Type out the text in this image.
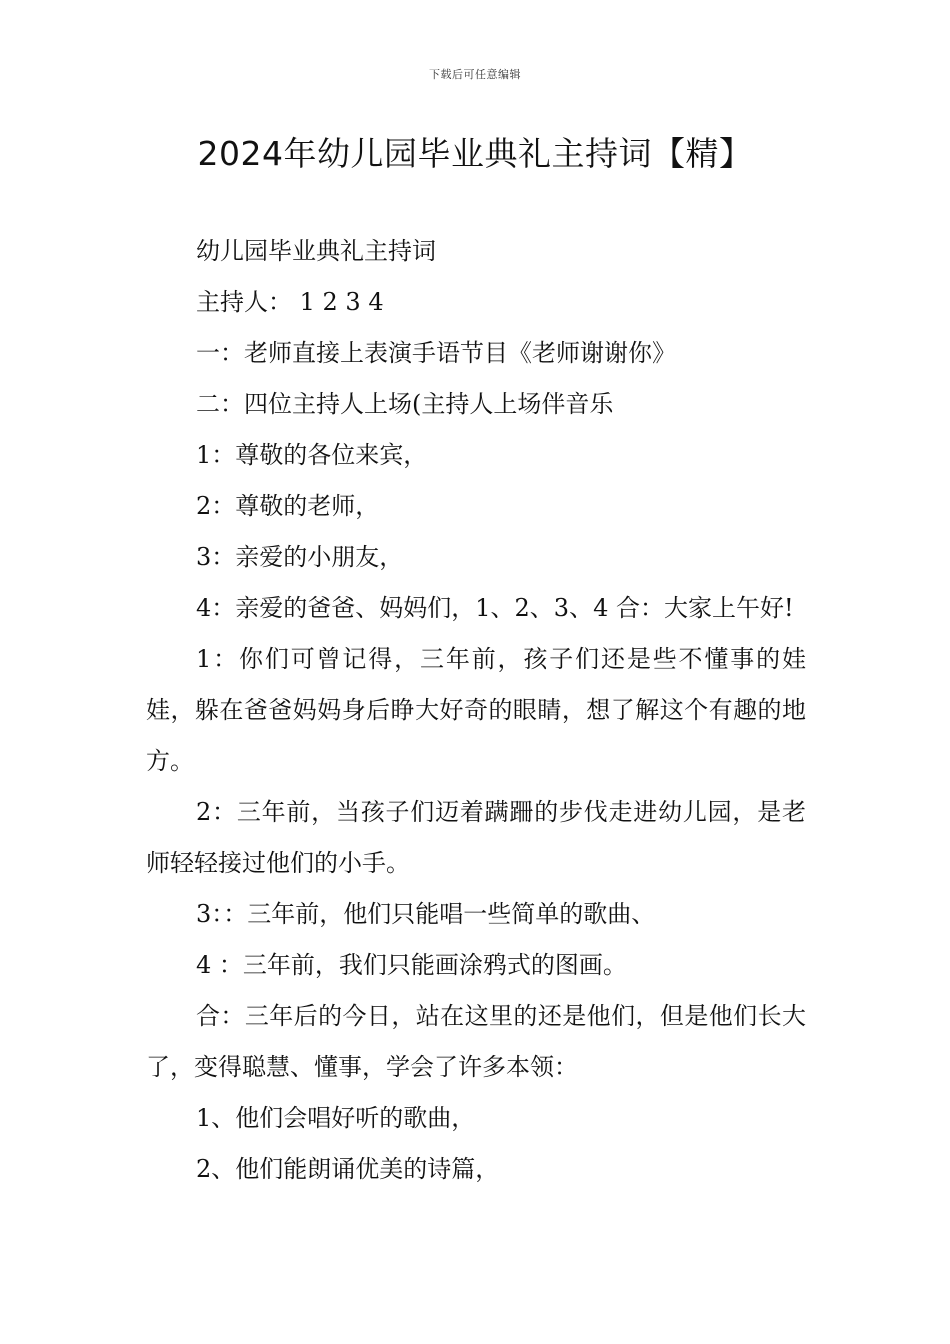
下载后可任意编辑
2024年幼儿园毕业典礼主持词【精】

幼儿园毕业典礼主持词

主持人： 1 2 3 4

一：老师直接上表演手语节目《老师谢谢你》

二：四位主持人上场(主持人上场伴音乐

1：尊敬的各位来宾，

2：尊敬的老师，

3：亲爱的小朋友，

4：亲爱的爸爸、妈妈们，1、2、3、4 合：大家上午好!

1：你们可曾记得，三年前，孩子们还是些不懂事的娃娃，躲在爸爸妈妈身后睁大好奇的眼睛，想了解这个有趣的地方。

2：三年前，当孩子们迈着蹒跚的步伐走进幼儿园，是老师轻轻接过他们的小手。

3：：三年前，他们只能唱一些简单的歌曲、

4 ：三年前，我们只能画涂鸦式的图画。

合：三年后的今日，站在这里的还是他们，但是他们长大了，变得聪慧、懂事，学会了许多本领：

1、他们会唱好听的歌曲，

2、他们能朗诵优美的诗篇，
